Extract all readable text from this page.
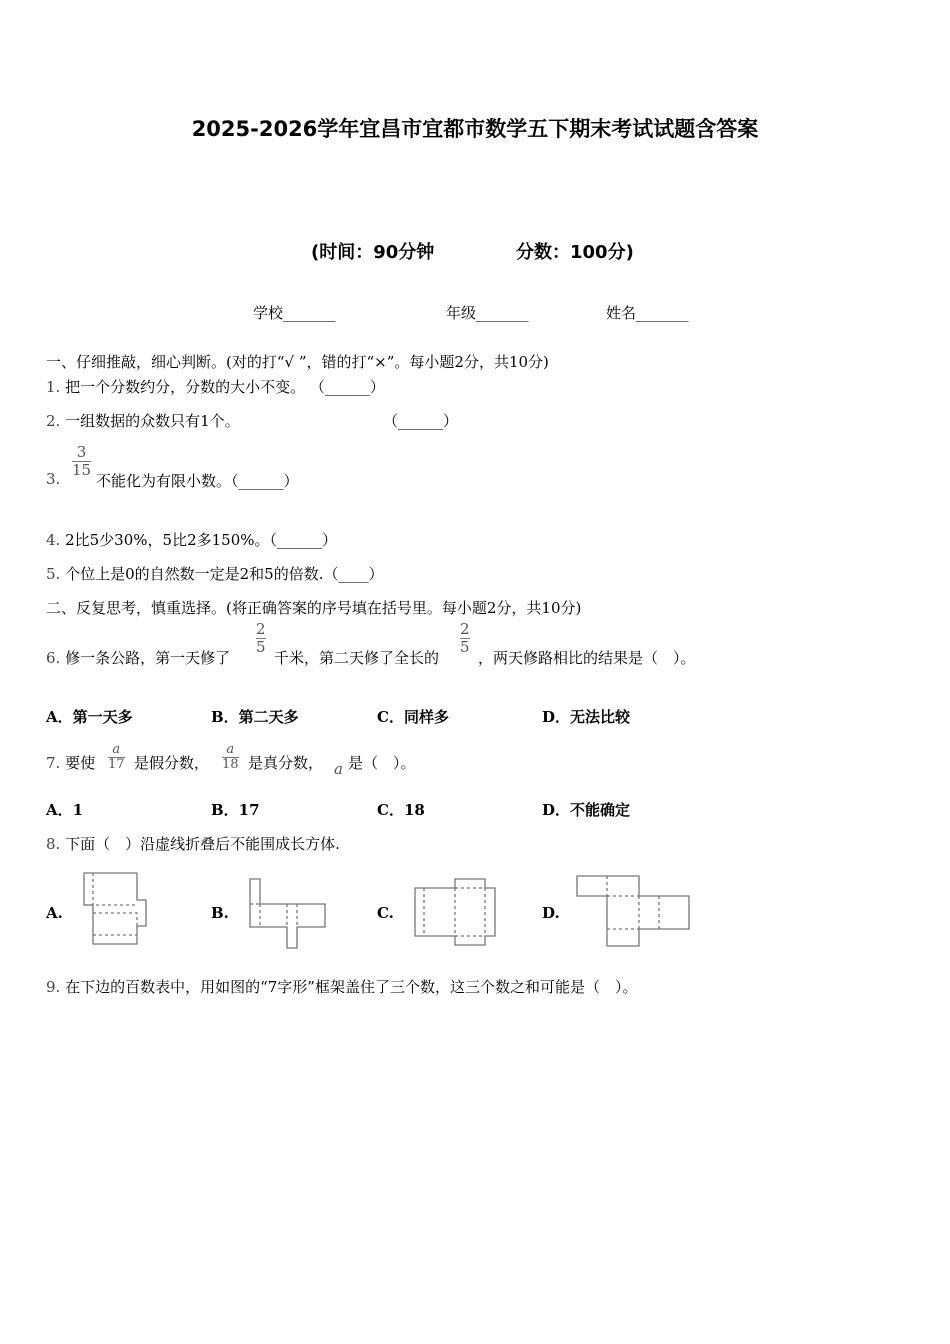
2025-2026学年宜昌市宜都市数学五下期末考试试题含答案
(时间：90分钟	分数：100分)
学校_______	年级_______	姓名_______
一、仔细推敲，细心判断。(对的打“√ ”，错的打“×”。每小题2分，共10分)
1. 把一个分数约分，分数的大小不变。 （______）
2. 一组数据的众数只有1个。	（______）
3.
3
15
不能化为有限小数。（______）
4. 2比5少30%，5比2多150%。（______）
5. 个位上是0的自然数一定是2和5的倍数.（____）
二、反复思考，慎重选择。(将正确答案的序号填在括号里。每小题2分，共10分)
6. 修一条公路，第一天修了
2
5
千米，第二天修了全长的
2
5
，两天修路相比的结果是（　）。
A．第一天多	B．第二天多	C．同样多	D．无法比较
7. 要使
a
17 是假分数，
a
18 是真分数， a 是（　）。
A．1	B．17	C．18	D．不能确定
8. 下面（　）沿虚线折叠后不能围成长方体.
A.	B.	C.	D.
9. 在下边的百数表中，用如图的“7字形”框架盖住了三个数，这三个数之和可能是（　）。
